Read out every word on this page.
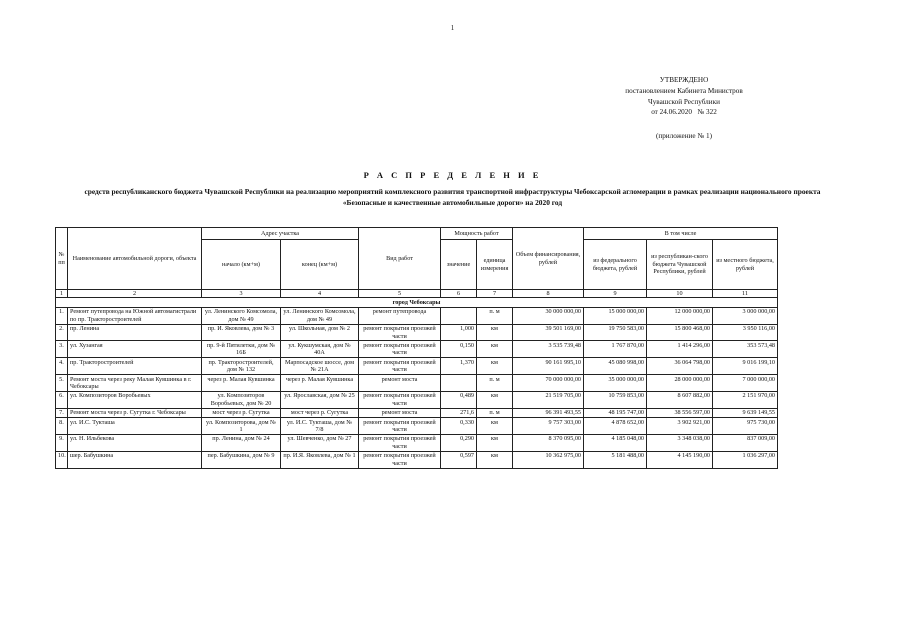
1
УТВЕРЖДЕНО
постановлением Кабинета Министров
Чувашской Республики
от 24.06.2020   № 322
(приложение № 1)
Р А С П Р Е Д Е Л Е Н И Е
средств республиканского бюджета Чувашской Республики на реализацию мероприятий комплексного развития транспортной инфраструктуры Чебоксарской агломерации в рамках реализации национального проекта «Безопасные и качественные автомобильные дороги» на 2020 год
№ пп	Наименование автомобильной дороги, объекта	Адрес участка		Вид работ	Мощность работ		Объем финансирования, рублей	В том числе		
		начало (км+м)	конец (км+м)		значение	единица измерения		из федерального бюджета, рублей	из республикан-ского бюджета Чувашской Республики, рублей	из местного бюджета, рублей

1	2	3	4	5	6	7	8	9	10	11
город Чебоксары										
1.	Ремонт путепровода на Южной автомагистрали по пр. Тракторостроителей	ул. Ленинского Комсомола, дом № 49	ул. Ленинского Комсомола, дом № 49	ремонт путепровода		п. м	30 000 000,00	15 000 000,00	12 000 000,00	3 000 000,00
2.	пр. Ленина	пр. И. Яковлева, дом № 3	ул. Школьная, дом № 2	ремонт покрытия проезжей части	1,000	км	39 501 169,00	19 750 583,00	15 800 468,00	3 950 116,00
3.	ул. Хузангая	пр. 9-й Пятилетки, дом № 16Б	ул. Кукшумская, дом № 40А	ремонт покрытия проезжей части	0,150	км	3 535 739,48	1 767 870,00	1 414 296,00	353 573,48
4.	пр. Тракторостроителей	пр. Тракторостроителей, дом № 132	Марпосадское шоссе, дом № 21А	ремонт покрытия проезжей части	1,370	км	90 161 995,10	45 080 998,00	36 064 798,00	9 016 199,10
5.	Ремонт моста через реку Малая Кувшинка в г. Чебоксары	через р. Малая Кувшинка	через р. Малая Кувшинка	ремонт моста		п. м	70 000 000,00	35 000 000,00	28 000 000,00	7 000 000,00
6.	ул. Композиторов Воробьевых	ул. Композиторов Воробьевых, дом № 20	ул. Ярославская, дом № 25	ремонт покрытия проезжей части	0,489	км	21 519 705,00	10 759 853,00	8 607 882,00	2 151 970,00
7.	Ремонт моста через р. Сугутка г. Чебоксары	мост через р. Сугутка	мост через р. Сугутка	ремонт моста	271,6	п. м	96 391 493,55	48 195 747,00	38 556 597,00	9 639 149,55
8.	ул. И.С. Тукташа	ул. Композиторова, дом № 1	ул. И.С. Тукташа, дом № 7/8	ремонт покрытия проезжей части	0,330	км	9 757 303,00	4 878 652,00	3 902 921,00	975 730,00
9.	ул. Н. Ильбекова	пр. Ленина, дом № 24	ул. Шевченко, дом № 27	ремонт покрытия проезжей части	0,290	км	8 370 095,00	4 185 048,00	3 348 038,00	837 009,00
10.	шер. Бабушкина	пер. Бабушкина, дом № 9	пр. И.Я. Яковлева, дом № 1	ремонт покрытия проезжей части	0,597	км	10 362 975,00	5 181 488,00	4 145 190,00	1 036 297,00
